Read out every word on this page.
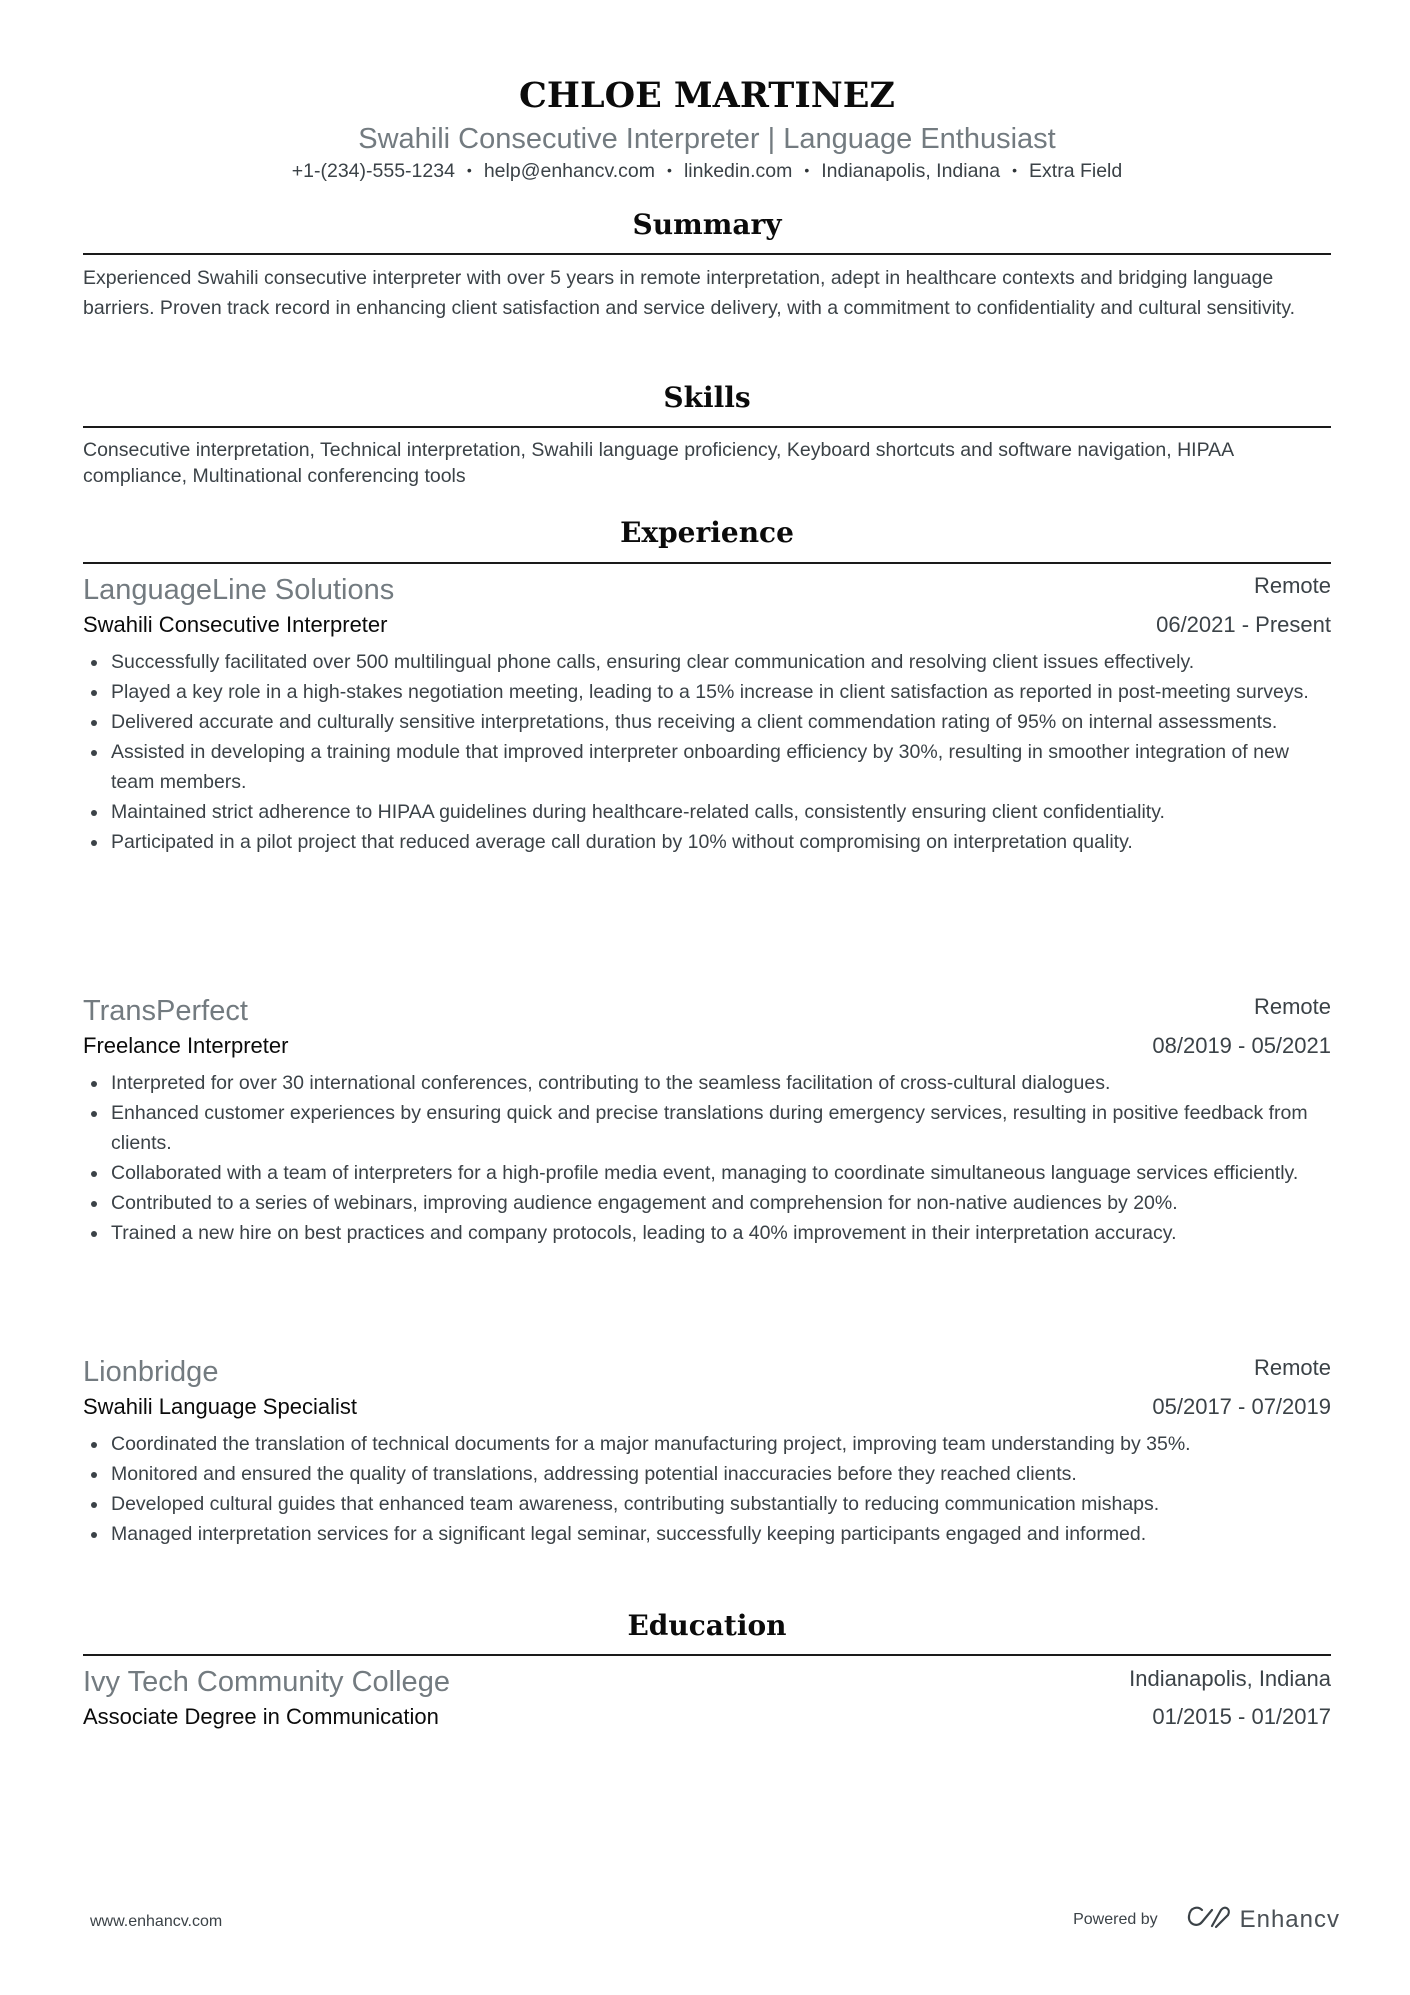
CHLOE MARTINEZ
Swahili Consecutive Interpreter | Language Enthusiast
+1-(234)-555-1234 • help@enhancv.com • linkedin.com • Indianapolis, Indiana • Extra Field
Summary
Experienced Swahili consecutive interpreter with over 5 years in remote interpretation, adept in healthcare contexts and bridging language barriers. Proven track record in enhancing client satisfaction and service delivery, with a commitment to confidentiality and cultural sensitivity.
Skills
Consecutive interpretation, Technical interpretation, Swahili language proficiency, Keyboard shortcuts and software navigation, HIPAA compliance, Multinational conferencing tools
Experience
LanguageLine Solutions	Remote
Swahili Consecutive Interpreter	06/2021 - Present
Successfully facilitated over 500 multilingual phone calls, ensuring clear communication and resolving client issues effectively.
Played a key role in a high-stakes negotiation meeting, leading to a 15% increase in client satisfaction as reported in post-meeting surveys.
Delivered accurate and culturally sensitive interpretations, thus receiving a client commendation rating of 95% on internal assessments.
Assisted in developing a training module that improved interpreter onboarding efficiency by 30%, resulting in smoother integration of new team members.
Maintained strict adherence to HIPAA guidelines during healthcare-related calls, consistently ensuring client confidentiality.
Participated in a pilot project that reduced average call duration by 10% without compromising on interpretation quality.
TransPerfect	Remote
Freelance Interpreter	08/2019 - 05/2021
Interpreted for over 30 international conferences, contributing to the seamless facilitation of cross-cultural dialogues.
Enhanced customer experiences by ensuring quick and precise translations during emergency services, resulting in positive feedback from clients.
Collaborated with a team of interpreters for a high-profile media event, managing to coordinate simultaneous language services efficiently.
Contributed to a series of webinars, improving audience engagement and comprehension for non-native audiences by 20%.
Trained a new hire on best practices and company protocols, leading to a 40% improvement in their interpretation accuracy.
Lionbridge	Remote
Swahili Language Specialist	05/2017 - 07/2019
Coordinated the translation of technical documents for a major manufacturing project, improving team understanding by 35%.
Monitored and ensured the quality of translations, addressing potential inaccuracies before they reached clients.
Developed cultural guides that enhanced team awareness, contributing substantially to reducing communication mishaps.
Managed interpretation services for a significant legal seminar, successfully keeping participants engaged and informed.
Education
Ivy Tech Community College	Indianapolis, Indiana
Associate Degree in Communication	01/2015 - 01/2017
www.enhancv.com	Powered by	Enhancv
